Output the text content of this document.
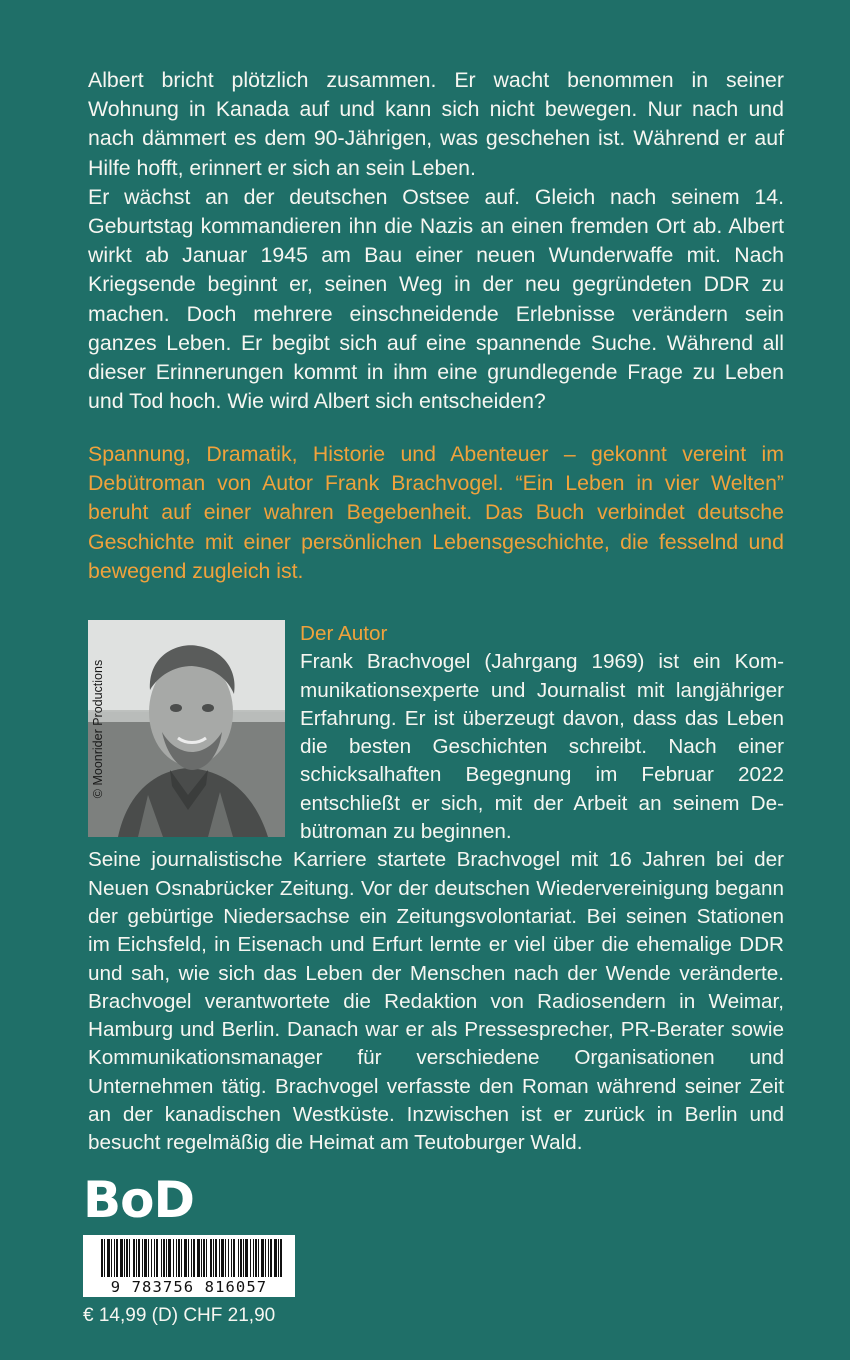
Albert bricht plötzlich zusammen. Er wacht benommen in seiner Wohnung in Kanada auf und kann sich nicht bewegen. Nur nach und nach dämmert es dem 90-Jährigen, was geschehen ist. Während er auf Hilfe hofft, erinnert er sich an sein Leben.

Er wächst an der deutschen Ostsee auf. Gleich nach seinem 14. Geburtstag kommandieren ihn die Nazis an einen fremden Ort ab. Albert wirkt ab Januar 1945 am Bau einer neuen Wunderwaffe mit. Nach Kriegsende beginnt er, seinen Weg in der neu gegründeten DDR zu machen. Doch mehrere einschneidende Erlebnisse verändern sein ganzes Leben. Er begibt sich auf eine spannende Suche. Während all dieser Erinnerungen kommt in ihm eine grundlegende Frage zu Leben und Tod hoch. Wie wird Albert sich entscheiden?

Spannung, Dramatik, Historie und Abenteuer – gekonnt vereint im Debütroman von Autor Frank Brachvogel. “Ein Leben in vier Welten” beruht auf einer wahren Begebenheit. Das Buch verbindet deutsche Geschichte mit einer persönlichen Lebensgeschichte, die fesselnd und bewegend zugleich ist.

© Moonrider Productions
Der Autor

Frank Brachvogel (Jahrgang 1969) ist ein Kommunikationsexperte und Journalist mit langjähriger Erfahrung. Er ist überzeugt davon, dass das Leben die besten Geschichten schreibt. Nach einer schicksalhaften Begegnung im Februar 2022 entschließt er sich, mit der Arbeit an seinem Debütroman zu beginnen.

Seine journalistische Karriere startete Brachvogel mit 16 Jahren bei der Neuen Osnabrücker Zeitung. Vor der deutschen Wiedervereinigung begann der gebürtige Niedersachse ein Zeitungsvolontariat. Bei seinen Stationen im Eichsfeld, in Eisenach und Erfurt lernte er viel über die ehemalige DDR und sah, wie sich das Leben der Menschen nach der Wende veränderte. Brachvogel verantwortete die Redaktion von Radiosendern in Weimar, Hamburg und Berlin. Danach war er als Pressesprecher, PR-Berater sowie Kommunikationsmanager für verschiedene Organisationen und Unternehmen tätig. Brachvogel verfasste den Roman während seiner Zeit an der kanadischen Westküste. Inzwischen ist er zurück in Berlin und besucht regelmäßig die Heimat am Teutoburger Wald.

BoD
9 783756 816057
€ 14,99 (D) CHF 21,90
